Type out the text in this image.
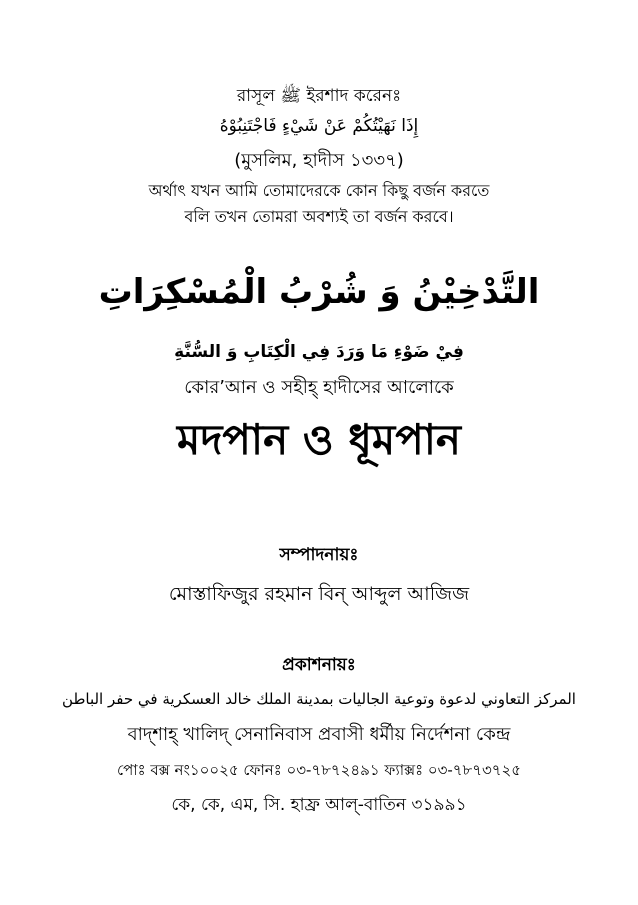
রাসূল ﷺ ইরশাদ করেনঃ
إِذَا نَهَيْتُكُمْ عَنْ شَيْءٍ فَاجْتَنِبُوْهُ
(মুসলিম, হাদীস ১৩৩৭)
অর্থাৎ যখন আমি তোমাদেরকে কোন কিছু বর্জন করতে
বলি তখন তোমরা অবশ্যই তা বর্জন করবে।
التَّدْخِيْنُ وَ شُرْبُ الْمُسْكِرَاتِ
فِيْ ضَوْءِ مَا وَرَدَ فِي الْكِتَابِ وَ السُّنَّةِ
কোর’আন ও সহীহ্ হাদীসের আলোকে
মদপান ও ধূমপান
সম্পাদনায়ঃ
মোস্তাফিজুর রহমান বিন্ আব্দুল আজিজ
প্রকাশনায়ঃ
المركز التعاوني لدعوة وتوعية الجاليات بمدينة الملك خالد العسكرية في حفر الباطن
বাদ্শাহ্ খালিদ্ সেনানিবাস প্রবাসী ধর্মীয় নির্দেশনা কেন্দ্র
পোঃ বক্স নং১০০২৫ ফোনঃ ০৩-৭৮৭২৪৯১ ফ্যাক্সঃ ০৩-৭৮৭৩৭২৫
কে, কে, এম, সি. হাফ্র আল্-বাতিন ৩১৯৯১
